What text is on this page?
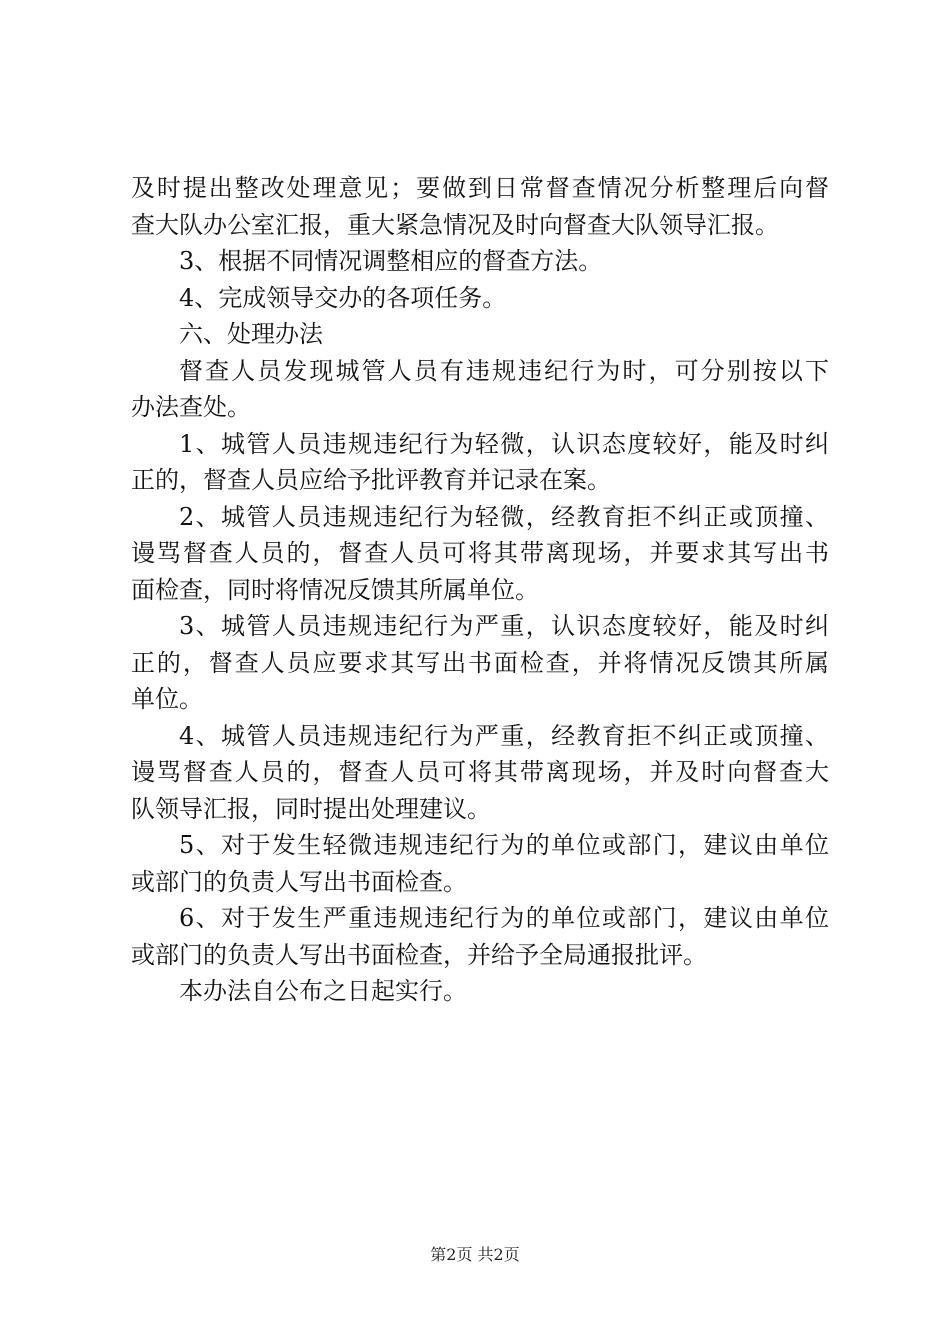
及时提出整改处理意见；要做到日常督查情况分析整理后向督
查大队办公室汇报，重大紧急情况及时向督查大队领导汇报。
3、根据不同情况调整相应的督查方法。
4、完成领导交办的各项任务。
六、处理办法
督查人员发现城管人员有违规违纪行为时，可分别按以下
办法查处。
1、城管人员违规违纪行为轻微，认识态度较好，能及时纠
正的，督查人员应给予批评教育并记录在案。
2、城管人员违规违纪行为轻微，经教育拒不纠正或顶撞、
谩骂督查人员的，督查人员可将其带离现场，并要求其写出书
面检查，同时将情况反馈其所属单位。
3、城管人员违规违纪行为严重，认识态度较好，能及时纠
正的，督查人员应要求其写出书面检查，并将情况反馈其所属
单位。
4、城管人员违规违纪行为严重，经教育拒不纠正或顶撞、
谩骂督查人员的，督查人员可将其带离现场，并及时向督查大
队领导汇报，同时提出处理建议。
5、对于发生轻微违规违纪行为的单位或部门，建议由单位
或部门的负责人写出书面检查。
6、对于发生严重违规违纪行为的单位或部门，建议由单位
或部门的负责人写出书面检查，并给予全局通报批评。
本办法自公布之日起实行。
第2页 共2页
